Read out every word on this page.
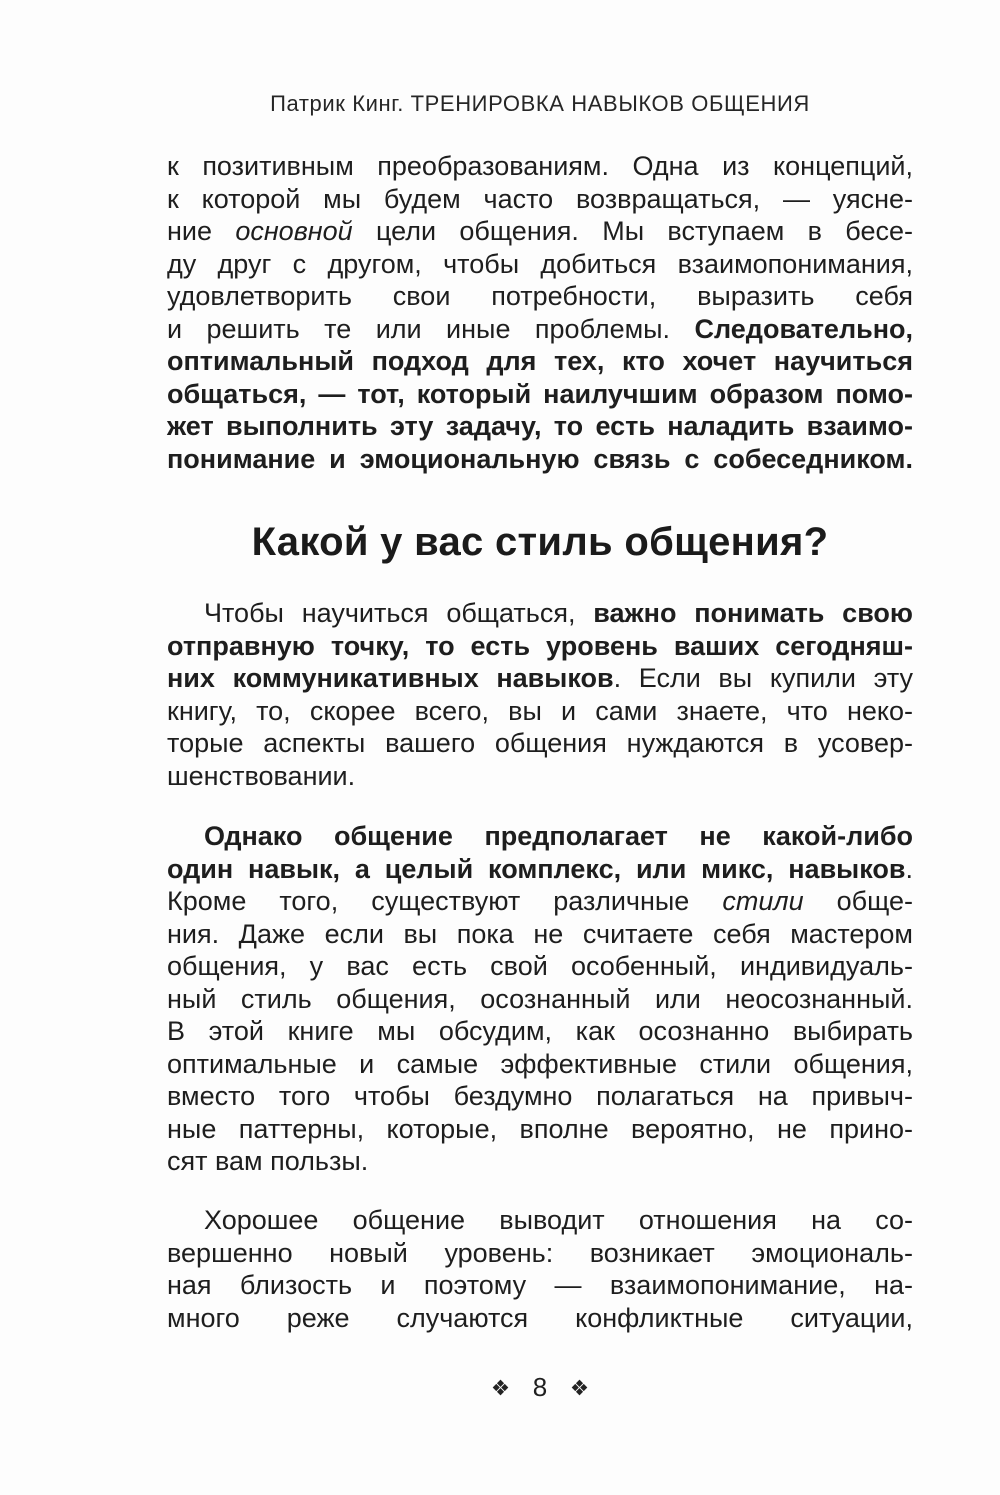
Патрик Кинг. ТРЕНИРОВКА НАВЫКОВ ОБЩЕНИЯ
к позитивным преобразованиям. Одна из концепций,
к которой мы будем часто возвращаться, — уясне-
ние основной цели общения. Мы вступаем в бесе-
ду друг с другом, чтобы добиться взаимопонимания,
удовлетворить свои потребности, выразить себя
и решить те или иные проблемы. Следовательно,
оптимальный подход для тех, кто хочет научиться
общаться, — тот, который наилучшим образом помо-
жет выполнить эту задачу, то есть наладить взаимо-
понимание и эмоциональную связь с собеседником.
Какой у вас стиль общения?
Чтобы научиться общаться, важно понимать свою
отправную точку, то есть уровень ваших сегодняш-
них коммуникативных навыков. Если вы купили эту
книгу, то, скорее всего, вы и сами знаете, что неко-
торые аспекты вашего общения нуждаются в усовер-
шенствовании.
Однако общение предполагает не какой-либо
один навык, а целый комплекс, или микс, навыков.
Кроме того, существуют различные стили обще-
ния. Даже если вы пока не считаете себя мастером
общения, у вас есть свой особенный, индивидуаль-
ный стиль общения, осознанный или неосознанный.
В этой книге мы обсудим, как осознанно выбирать
оптимальные и самые эффективные стили общения,
вместо того чтобы бездумно полагаться на привыч-
ные паттерны, которые, вполне вероятно, не прино-
сят вам пользы.
Хорошее общение выводит отношения на со-
вершенно новый уровень: возникает эмоциональ-
ная близость и поэтому — взаимопонимание, на-
много реже случаются конфликтные ситуации,
8
